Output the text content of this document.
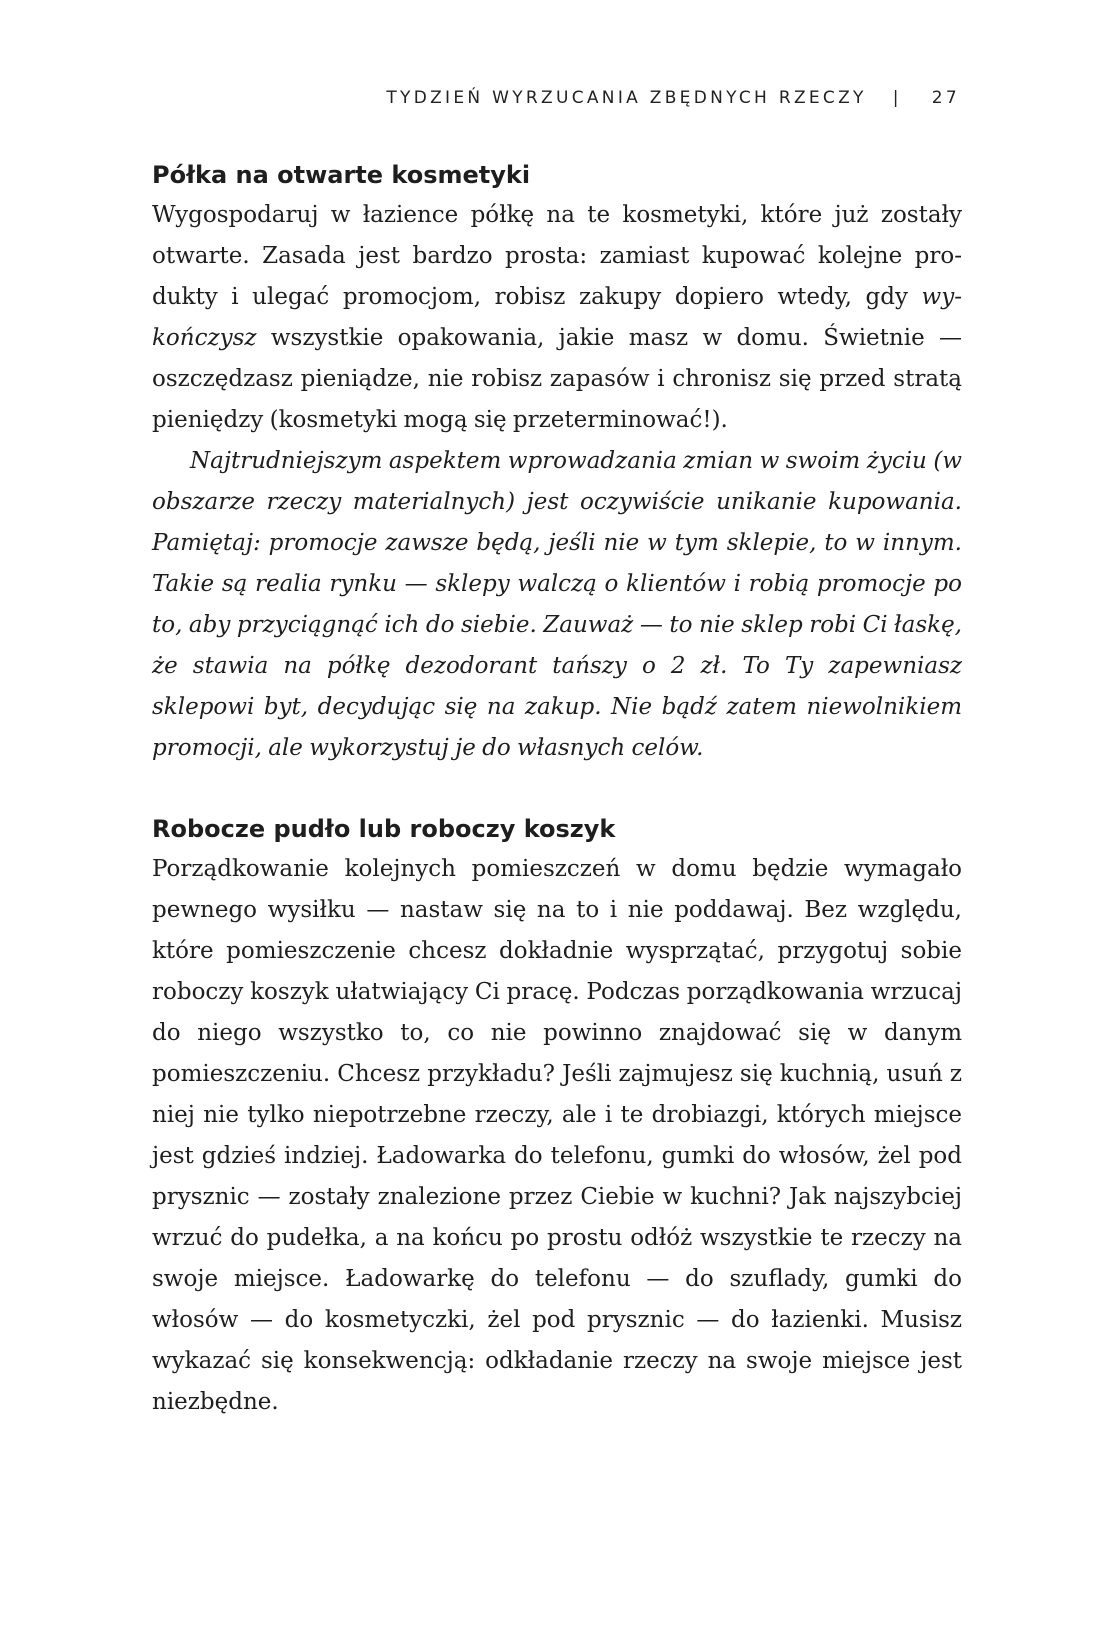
TYDZIEŃ WYRZUCANIA ZBĘDNYCH RZECZY | 27
Półka na otwarte kosmetyki

Wygospodaruj w łazience półkę na te kosmetyki, które już zostały otwarte. Zasada jest bardzo prosta: zamiast kupować kolejne produkty i ulegać promocjom, robisz zakupy dopiero wtedy, gdy wykończysz wszystkie opakowania, jakie masz w domu. Świetnie — oszczędzasz pieniądze, nie robisz zapasów i chronisz się przed stratą pieniędzy (kosmetyki mogą się przeterminować!).

Najtrudniejszym aspektem wprowadzania zmian w swoim życiu (w obszarze rzeczy materialnych) jest oczywiście unikanie kupowania. Pamiętaj: promocje zawsze będą, jeśli nie w tym sklepie, to w innym. Takie są realia rynku — sklepy walczą o klientów i robią promocje po to, aby przyciągnąć ich do siebie. Zauważ — to nie sklep robi Ci łaskę, że stawia na półkę dezodorant tańszy o 2 zł. To Ty zapewniasz sklepowi byt, decydując się na zakup. Nie bądź zatem niewolnikiem promocji, ale wykorzystuj je do własnych celów.

Robocze pudło lub roboczy koszyk

Porządkowanie kolejnych pomieszczeń w domu będzie wymagało pewnego wysiłku — nastaw się na to i nie poddawaj. Bez względu, które pomieszczenie chcesz dokładnie wysprzątać, przygotuj sobie roboczy koszyk ułatwiający Ci pracę. Podczas porządkowania wrzucaj do niego wszystko to, co nie powinno znajdować się w danym pomieszczeniu. Chcesz przykładu? Jeśli zajmujesz się kuchnią, usuń z niej nie tylko niepotrzebne rzeczy, ale i te drobiazgi, których miejsce jest gdzieś indziej. Ładowarka do telefonu, gumki do włosów, żel pod prysznic — zostały znalezione przez Ciebie w kuchni? Jak najszybciej wrzuć do pudełka, a na końcu po prostu odłóż wszystkie te rzeczy na swoje miejsce. Ładowarkę do telefonu — do szuflady, gumki do włosów — do kosmetyczki, żel pod prysznic — do łazienki. Musisz wykazać się konsekwencją: odkładanie rzeczy na swoje miejsce jest niezbędne.
